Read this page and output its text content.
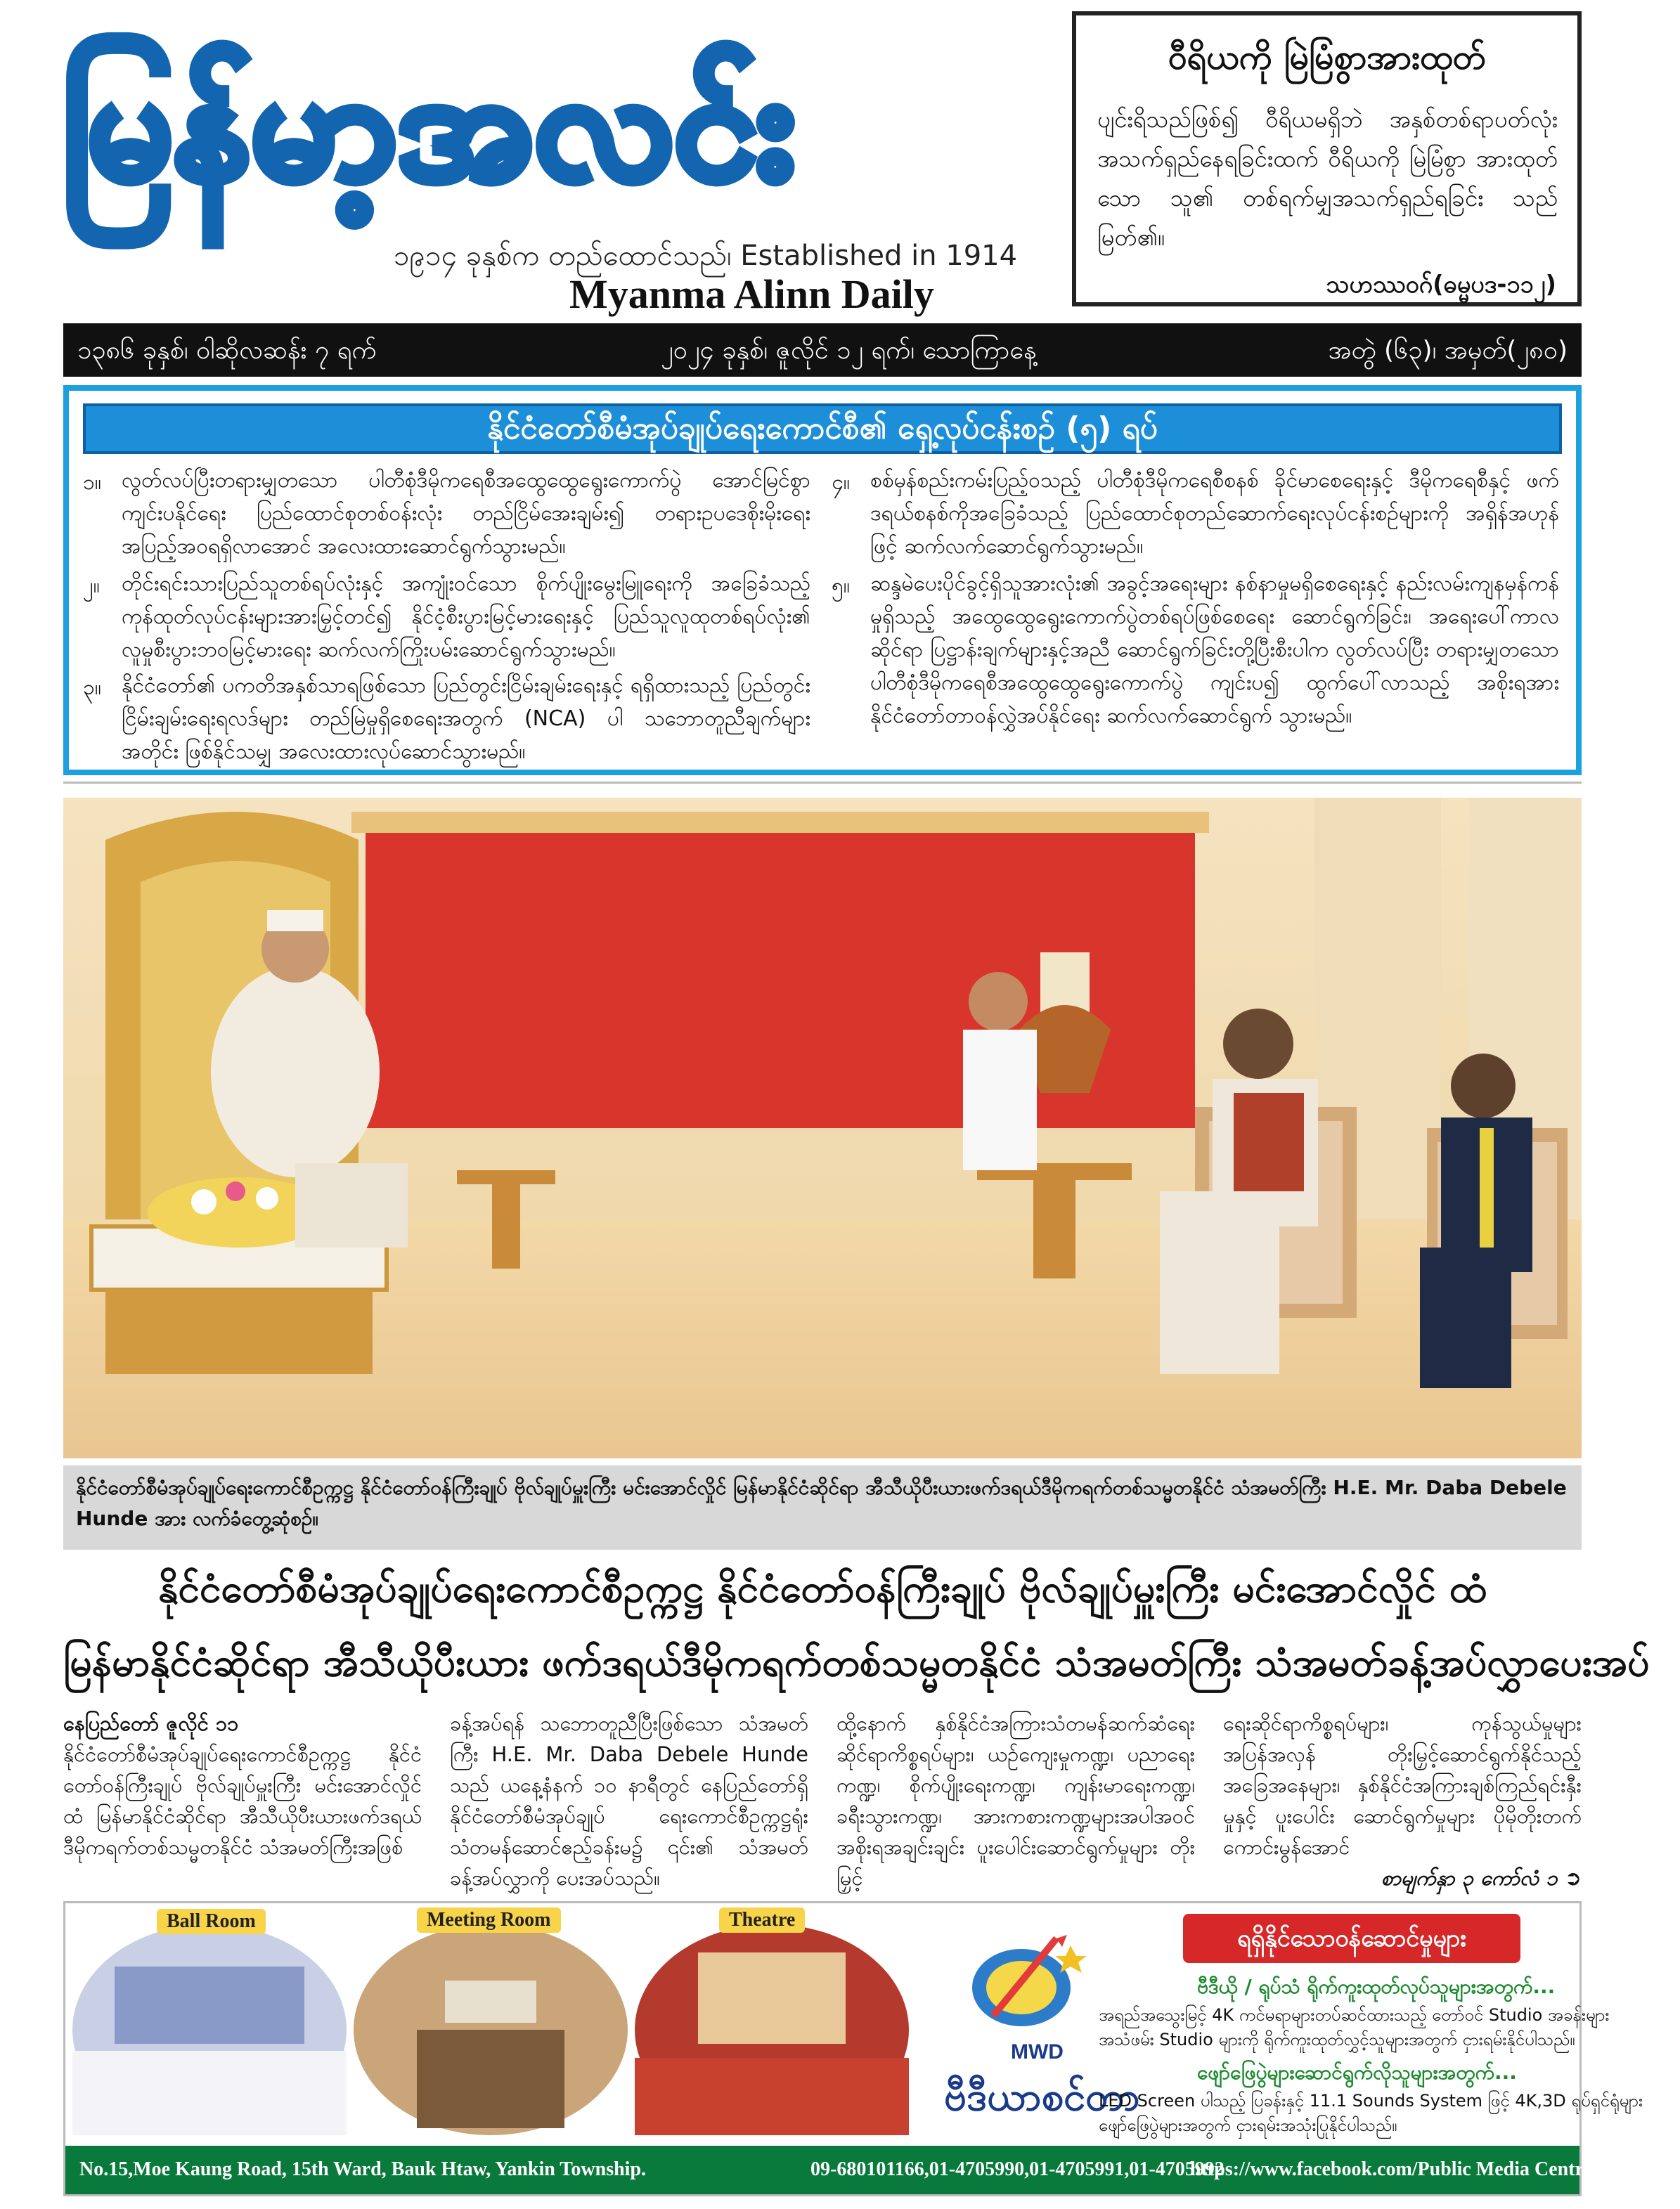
မြန်မာ့အလင်း
၁၉၁၄ ခုနှစ်က တည်ထောင်သည်၊ Established in 1914
Myanma Alinn Daily
ဝီရိယကို မြဲမြံစွာအားထုတ်
ပျင်းရိသည်ဖြစ်၍ ဝီရိယမရှိဘဲ အနှစ်တစ်ရာပတ်လုံး အသက်ရှည်နေရခြင်းထက် ဝီရိယကို မြဲမြံစွာ အားထုတ်သော သူ၏ တစ်ရက်မျှအသက်ရှည်ရခြင်း သည် မြတ်၏။
သဟဿဝဂ်(ဓမ္မပဒ-၁၁၂)
၁၃၈၆ ခုနှစ်၊ ဝါဆိုလဆန်း ၇ ရက်	၂၀၂၄ ခုနှစ်၊ ဇူလိုင် ၁၂ ရက်၊ သောကြာနေ့	အတွဲ (၆၃)၊ အမှတ်(၂၈၀)
နိုင်ငံတော်စီမံအုပ်ချုပ်ရေးကောင်စီ၏ ရှေ့လုပ်ငန်းစဉ် (၅) ရပ်
၁။ လွတ်လပ်ပြီးတရားမျှတသော ပါတီစုံဒီမိုကရေစီအထွေထွေရွေးကောက်ပွဲ အောင်မြင်စွာ ကျင်းပနိုင်ရေး ပြည်ထောင်စုတစ်ဝန်းလုံး တည်ငြိမ်အေးချမ်း၍ တရားဥပဒေစိုးမိုးရေး အပြည့်အဝရရှိလာအောင် အလေးထားဆောင်ရွက်သွားမည်။
၂။ တိုင်းရင်းသားပြည်သူတစ်ရပ်လုံးနှင့် အကျုံးဝင်သော စိုက်ပျိုးမွေးမြူရေးကို အခြေခံသည့် ကုန်ထုတ်လုပ်ငန်းများအားမြှင့်တင်၍ နိုင်ငံ့စီးပွားမြင့်မားရေးနှင့် ပြည်သူလူထုတစ်ရပ်လုံး၏ လူမှုစီးပွားဘဝမြင့်မားရေး ဆက်လက်ကြိုးပမ်းဆောင်ရွက်သွားမည်။
၃။ နိုင်ငံတော်၏ ပကတိအနှစ်သာရဖြစ်သော ပြည်တွင်းငြိမ်းချမ်းရေးနှင့် ရရှိထားသည့် ပြည်တွင်း ငြိမ်းချမ်းရေးရလဒ်များ တည်မြဲမှုရှိစေရေးအတွက် (NCA) ပါ သဘောတူညီချက်များ အတိုင်း ဖြစ်နိုင်သမျှ အလေးထားလုပ်ဆောင်သွားမည်။
၄။ စစ်မှန်စည်းကမ်းပြည့်ဝသည့် ပါတီစုံဒီမိုကရေစီစနစ် ခိုင်မာစေရေးနှင့် ဒီမိုကရေစီနှင့် ဖက်ဒရယ်စနစ်ကိုအခြေခံသည့် ပြည်ထောင်စုတည်ဆောက်ရေးလုပ်ငန်းစဉ်များကို အရှိန်အဟုန်ဖြင့် ဆက်လက်ဆောင်ရွက်သွားမည်။
၅။ ဆန္ဒမဲပေးပိုင်ခွင့်ရှိသူအားလုံး၏ အခွင့်အရေးများ နစ်နာမှုမရှိစေရေးနှင့် နည်းလမ်းကျနမှန်ကန်မှုရှိသည့် အထွေထွေရွေးကောက်ပွဲတစ်ရပ်ဖြစ်စေရေး ဆောင်ရွက်ခြင်း၊ အရေးပေါ်ကာလဆိုင်ရာ ပြဋ္ဌာန်းချက်များနှင့်အညီ ဆောင်ရွက်ခြင်းတို့ပြီးစီးပါက လွတ်လပ်ပြီး တရားမျှတသော ပါတီစုံဒီမိုကရေစီအထွေထွေရွေးကောက်ပွဲ ကျင်းပ၍ ထွက်ပေါ်လာသည့် အစိုးရအား နိုင်ငံတော်တာဝန်လွှဲအပ်နိုင်ရေး ဆက်လက်ဆောင်ရွက် သွားမည်။
နိုင်ငံတော်စီမံအုပ်ချုပ်ရေးကောင်စီဥက္ကဋ္ဌ နိုင်ငံတော်ဝန်ကြီးချုပ် ဗိုလ်ချုပ်မှူးကြီး မင်းအောင်လှိုင် မြန်မာနိုင်ငံဆိုင်ရာ အီသီယိုပီးယားဖက်ဒရယ်ဒီမိုကရက်တစ်သမ္မတနိုင်ငံ သံအမတ်ကြီး H.E. Mr. Daba Debele Hunde အား လက်ခံတွေ့ဆုံစဉ်။
နိုင်ငံတော်စီမံအုပ်ချုပ်ရေးကောင်စီဥက္ကဋ္ဌ နိုင်ငံတော်ဝန်ကြီးချုပ် ဗိုလ်ချုပ်မှူးကြီး မင်းအောင်လှိုင် ထံ
မြန်မာနိုင်ငံဆိုင်ရာ အီသီယိုပီးယား ဖက်ဒရယ်ဒီမိုကရက်တစ်သမ္မတနိုင်ငံ သံအမတ်ကြီး သံအမတ်ခန့်အပ်လွှာပေးအပ်
နေပြည်တော် ဇူလိုင် ၁၁
နိုင်ငံတော်စီမံအုပ်ချုပ်ရေးကောင်စီဥက္ကဋ္ဌ နိုင်ငံ တော်ဝန်ကြီးချုပ် ဗိုလ်ချုပ်မှူးကြီး မင်းအောင်လှိုင် ထံ မြန်မာနိုင်ငံဆိုင်ရာ အီသီယိုပီးယားဖက်ဒရယ် ဒီမိုကရက်တစ်သမ္မတနိုင်ငံ သံအမတ်ကြီးအဖြစ်
ခန့်အပ်ရန် သဘောတူညီပြီးဖြစ်သော သံအမတ်ကြီး H.E. Mr. Daba Debele Hunde သည် ယနေ့နံနက် ၁၀ နာရီတွင် နေပြည်တော်ရှိ နိုင်ငံတော်စီမံအုပ်ချုပ် ရေးကောင်စီဥက္ကဋ္ဌရုံး သံတမန်ဆောင်ဧည့်ခန်းမ၌ ၎င်း၏ သံအမတ်ခန့်အပ်လွှာကို ပေးအပ်သည်။
ထို့နောက် နှစ်နိုင်ငံအကြားသံတမန်ဆက်ဆံရေး ဆိုင်ရာကိစ္စရပ်များ၊ ယဉ်ကျေးမှုကဏ္ဍ၊ ပညာရေး ကဏ္ဍ၊ စိုက်ပျိုးရေးကဏ္ဍ၊ ကျန်းမာရေးကဏ္ဍ၊ ခရီးသွားကဏ္ဍ၊ အားကစားကဏ္ဍများအပါအဝင် အစိုးရအချင်းချင်း ပူးပေါင်းဆောင်ရွက်မှုများ တိုးမြှင့်
ရေးဆိုင်ရာကိစ္စရပ်များ၊ ကုန်သွယ်မှုများ အပြန်အလှန် တိုးမြှင့်ဆောင်ရွက်နိုင်သည့် အခြေအနေများ၊ နှစ်နိုင်ငံအကြားချစ်ကြည်ရင်းနှီးမှုနှင့် ပူးပေါင်း ဆောင်ရွက်မှုများ ပိုမိုတိုးတက်ကောင်းမွန်အောင်
စာမျက်နှာ ၃ ကော်လံ ၁ ➲
Ball Room	Meeting Room	Theatre
MWD
ဗီဒီယာစင်တာ
ရရှိနိုင်သောဝန်ဆောင်မှုများ
ဗီဒီယို / ရုပ်သံ ရိုက်ကူးထုတ်လုပ်သူများအတွက်...
အရည်အသွေးမြင့် 4K ကင်မရာများတပ်ဆင်ထားသည့် တော်ဝင် Studio အခန်းများ
အသံဖမ်း Studio များကို ရိုက်ကူးထုတ်လွှင့်သူများအတွက် ငှားရမ်းနိုင်ပါသည်။
ဖျော်ဖြေပွဲများဆောင်ရွက်လိုသူများအတွက်...
LED Screen ပါသည့် ပြခန်းနှင့် 11.1 Sounds System ဖြင့် 4K,3D ရုပ်ရှင်ရုံများ
ဖျော်ဖြေပွဲများအတွက် ငှားရမ်းအသုံးပြုနိုင်ပါသည်။
No.15,Moe Kaung Road, 15th Ward, Bauk Htaw, Yankin Township.	09-680101166,01-4705990,01-4705991,01-4705992
https://www.facebook.com/Public Media Centre
